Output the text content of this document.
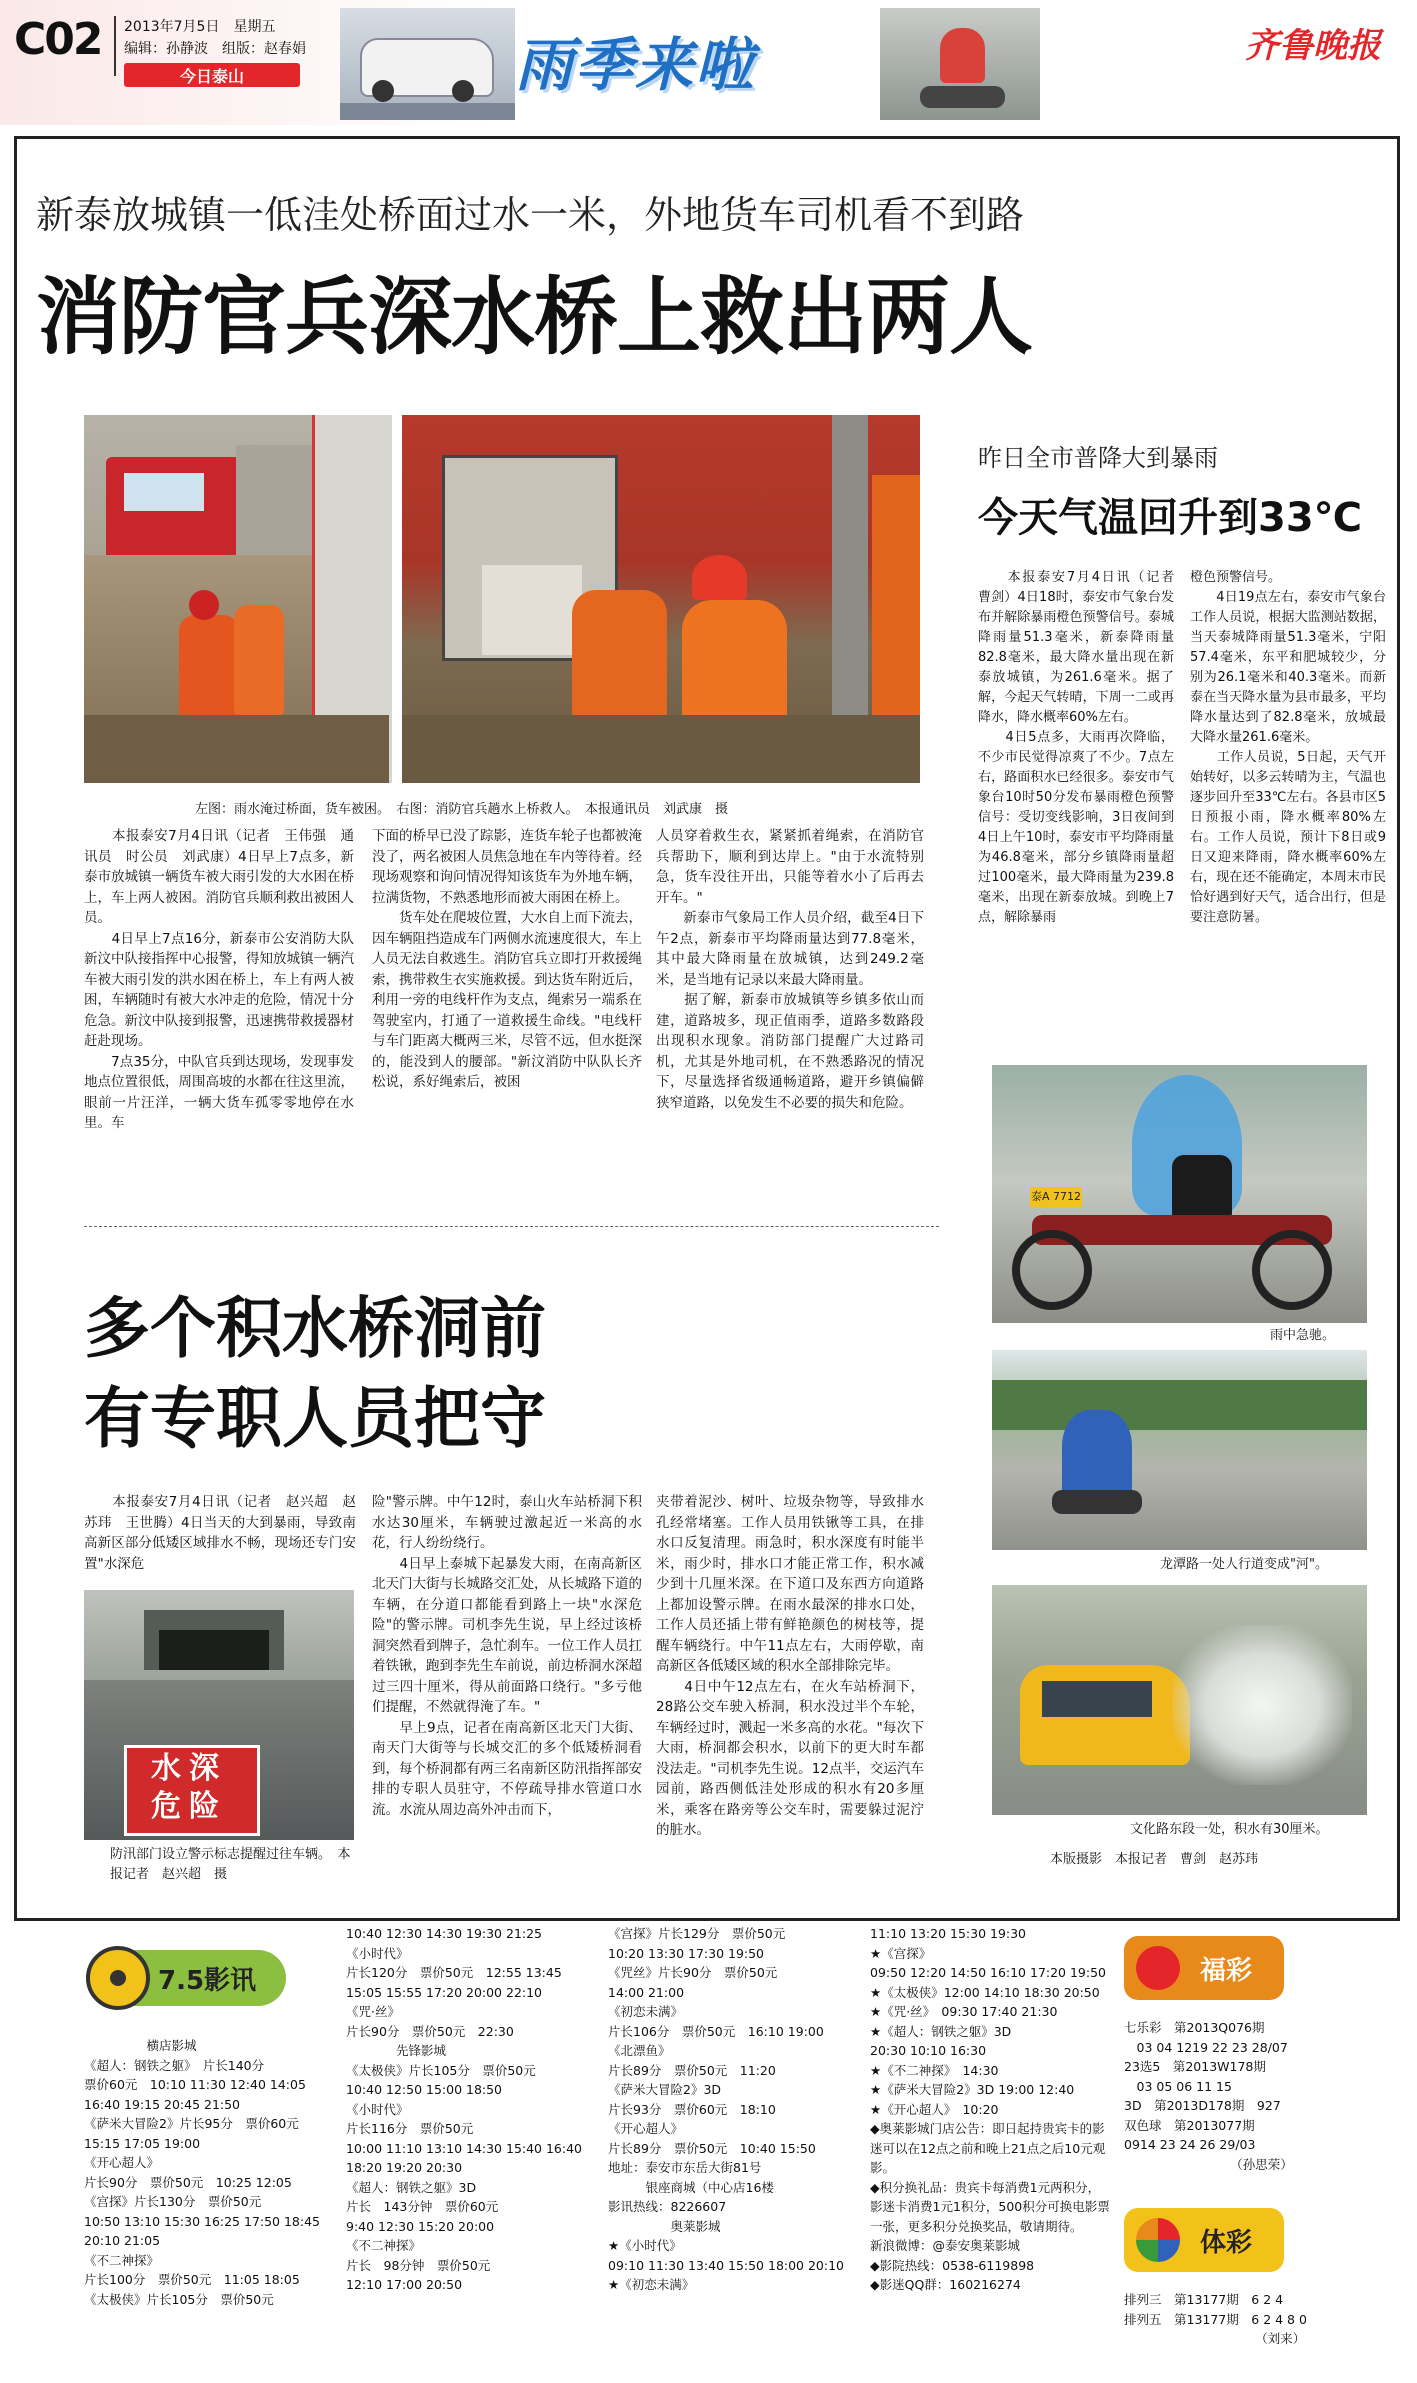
C02 2013年7月5日　星期五
编辑：孙静波　组版：赵春娟
今日泰山	雨季来啦	齐鲁晚报
新泰放城镇一低洼处桥面过水一米，外地货车司机看不到路
消防官兵深水桥上救出两人
左图：雨水淹过桥面，货车被困。　右图：消防官兵趟水上桥救人。　本报通讯员　刘武康　摄
　　本报泰安7月4日讯（记者　王伟强　通讯员　时公员　刘武康）4日早上7点多，新泰市放城镇一辆货车被大雨引发的大水困在桥上，车上两人被困。消防官兵顺利救出被困人员。
　　4日早上7点16分，新泰市公安消防大队新汶中队接指挥中心报警，得知放城镇一辆汽车被大雨引发的洪水困在桥上，车上有两人被困，车辆随时有被大水冲走的危险，情况十分危急。新汶中队接到报警，迅速携带救援器材赶赴现场。
　　7点35分，中队官兵到达现场，发现事发地点位置很低，周围高坡的水都在往这里流，眼前一片汪洋，一辆大货车孤零零地停在水里。车
下面的桥早已没了踪影，连货车轮子也都被淹没了，两名被困人员焦急地在车内等待着。经现场观察和询问情况得知该货车为外地车辆，拉满货物，不熟悉地形而被大雨困在桥上。
　　货车处在爬坡位置，大水自上而下流去，因车辆阻挡造成车门两侧水流速度很大，车上人员无法自救逃生。消防官兵立即打开救援绳索，携带救生衣实施救援。到达货车附近后，利用一旁的电线杆作为支点，绳索另一端系在驾驶室内，打通了一道救援生命线。"电线杆与车门距离大概两三米，尽管不远，但水挺深的，能没到人的腰部。"新汶消防中队队长齐松说，系好绳索后，被困
人员穿着救生衣，紧紧抓着绳索，在消防官兵帮助下，顺利到达岸上。"由于水流特别急，货车没往开出，只能等着水小了后再去开车。"
　　新泰市气象局工作人员介绍，截至4日下午2点，新泰市平均降雨量达到77.8毫米，其中最大降雨量在放城镇，达到249.2毫米，是当地有记录以来最大降雨量。
　　据了解，新泰市放城镇等乡镇多依山而建，道路坡多，现正值雨季，道路多数路段出现积水现象。消防部门提醒广大过路司机，尤其是外地司机，在不熟悉路况的情况下，尽量选择省级通畅道路，避开乡镇偏僻狭窄道路，以免发生不必要的损失和危险。
昨日全市普降大到暴雨
今天气温回升到33℃
　　本报泰安7月4日讯（记者　曹剑）4日18时，泰安市气象台发布并解除暴雨橙色预警信号。泰城降雨量51.3毫米，新泰降雨量82.8毫米，最大降水量出现在新泰放城镇，为261.6毫米。据了解，今起天气转晴，下周一二或再降水，降水概率60%左右。
　　4日5点多，大雨再次降临，不少市民觉得凉爽了不少。7点左右，路面积水已经很多。泰安市气象台10时50分发布暴雨橙色预警信号：受切变线影响，3日夜间到4日上午10时，泰安市平均降雨量为46.8毫米，部分乡镇降雨量超过100毫米，最大降雨量为239.8毫米，出现在新泰放城。到晚上7点，解除暴雨
橙色预警信号。
　　4日19点左右，泰安市气象台工作人员说，根据大监测站数据，当天泰城降雨量51.3毫米，宁阳57.4毫米，东平和肥城较少，分别为26.1毫米和40.3毫米。而新泰在当天降水量为县市最多，平均降水量达到了82.8毫米，放城最大降水量261.6毫米。
　　工作人员说，5日起，天气开始转好，以多云转晴为主，气温也逐步回升至33℃左右。各县市区5日预报小雨，降水概率80%左右。工作人员说，预计下8日或9日又迎来降雨，降水概率60%左右，现在还不能确定，本周末市民恰好遇到好天气，适合出行，但是要注意防暑。
泰A 7712
雨中急驰。
龙潭路一处人行道变成"河"。
文化路东段一处，积水有30厘米。
本版摄影　本报记者　曹剑　赵苏玮
多个积水桥洞前
有专职人员把守
　　本报泰安7月4日讯（记者　赵兴超　赵苏玮　王世腾）4日当天的大到暴雨，导致南高新区部分低矮区域排水不畅，现场还专门安置"水深危
水深
危险
防汛部门设立警示标志提醒过往车辆。　本报记者　赵兴超　摄
险"警示牌。中午12时，泰山火车站桥洞下积水达30厘米，车辆驶过激起近一米高的水花，行人纷纷绕行。
　　4日早上泰城下起暴发大雨，在南高新区北天门大街与长城路交汇处，从长城路下道的车辆，在分道口都能看到路上一块"水深危险"的警示牌。司机李先生说，早上经过该桥洞突然看到牌子，急忙刹车。一位工作人员扛着铁锹，跑到李先生车前说，前边桥洞水深超过三四十厘米，得从前面路口绕行。"多亏他们提醒，不然就得淹了车。"
　　早上9点，记者在南高新区北天门大街、南天门大街等与长城交汇的多个低矮桥洞看到，每个桥洞都有两三名南新区防汛指挥部安排的专职人员驻守，不停疏导排水管道口水流。水流从周边高外冲击而下，
夹带着泥沙、树叶、垃圾杂物等，导致排水孔经常堵塞。工作人员用铁锹等工具，在排水口反复清理。雨急时，积水深度有时能半米，雨少时，排水口才能正常工作，积水减少到十几厘米深。在下道口及东西方向道路上都加设警示牌。在雨水最深的排水口处，工作人员还插上带有鲜艳颜色的树枝等，提醒车辆绕行。中午11点左右，大雨停歇，南高新区各低矮区域的积水全部排除完毕。
　　4日中午12点左右，在火车站桥洞下，28路公交车驶入桥洞，积水没过半个车轮，车辆经过时，溅起一米多高的水花。"每次下大雨，桥洞都会积水，以前下的更大时车都没法走。"司机李先生说。12点半，交运汽车园前，路西侧低洼处形成的积水有20多厘米，乘客在路旁等公交车时，需要躲过泥泞的脏水。
7.5影讯
　　　　　横店影城
《超人：钢铁之躯》　片长140分
票价60元　10:10 11:30 12:40 14:05
16:40 19:15 20:45 21:50
《萨米大冒险2》片长95分　票价60元　15:15 17:05 19:00
《开心超人》
片长90分　票价50元　10:25 12:05
《宫探》片长130分　票价50元
10:50 13:10 15:30 16:25 17:50 18:45
20:10 21:05
《不二神探》
片长100分　票价50元　11:05 18:05
《太极侠》片长105分　票价50元
10:40 12:30 14:30 19:30 21:25
《小时代》
片长120分　票价50元　12:55 13:45 15:05 15:55 17:20 20:00 22:10
《咒·丝》
片长90分　票价50元　22:30
　　　　先锋影城
《太极侠》片长105分　票价50元
10:40 12:50 15:00 18:50
《小时代》
片长116分　票价50元
10:00 11:10 13:10 14:30 15:40 16:40
18:20 19:20 20:30
《超人：钢铁之躯》3D
片长　143分钟　票价60元
9:40 12:30 15:20 20:00
《不二神探》
片长　98分钟　票价50元
12:10 17:00 20:50
《宫探》片长129分　票价50元
10:20 13:30 17:30 19:50
《咒丝》片长90分　票价50元
14:00 21:00
《初恋未满》
片长106分　票价50元　16:10 19:00
《北漂鱼》
片长89分　票价50元　11:20
《萨米大冒险2》3D
片长93分　票价60元　18:10
《开心超人》
片长89分　票价50元　10:40 15:50
地址：泰安市东岳大街81号
　　　银座商城（中心店16楼
影讯热线：8226607
　　　　　奥莱影城
★《小时代》
09:10 11:30 13:40 15:50 18:00 20:10
★《初恋未满》
11:10 13:20 15:30 19:30
★《宫探》
09:50 12:20 14:50 16:10 17:20 19:50
★《太极侠》12:00 14:10 18:30 20:50
★《咒·丝》　09:30 17:40 21:30
★《超人：钢铁之躯》3D
20:30 10:10 16:30
★《不二神探》　14:30
★《萨米大冒险2》3D 19:00 12:40
★《开心超人》　10:20
◆奥莱影城门店公告：即日起持贵宾卡的影迷可以在12点之前和晚上21点之后10元观影。
◆积分换礼品：贵宾卡每消费1元两积分，影迷卡消费1元1积分，500积分可换电影票一张，更多积分兑换奖品，敬请期待。
新浪微博：@泰安奥莱影城
◆影院热线：0538-6119898
◆影迷QQ群：160216274
福彩
七乐彩　第2013Q076期
　03 04 1219 22 23 28/07
23选5　第2013W178期
　03 05 06 11 15
3D　第2013D178期　927
双色球　第2013077期
0914 23 24 26 29/03
　　　　　　　　　（孙思荣）
体彩
排列三　第13177期　6 2 4
排列五　第13177期　6 2 4 8 0
　　　　　　　　　　　（刘来）
